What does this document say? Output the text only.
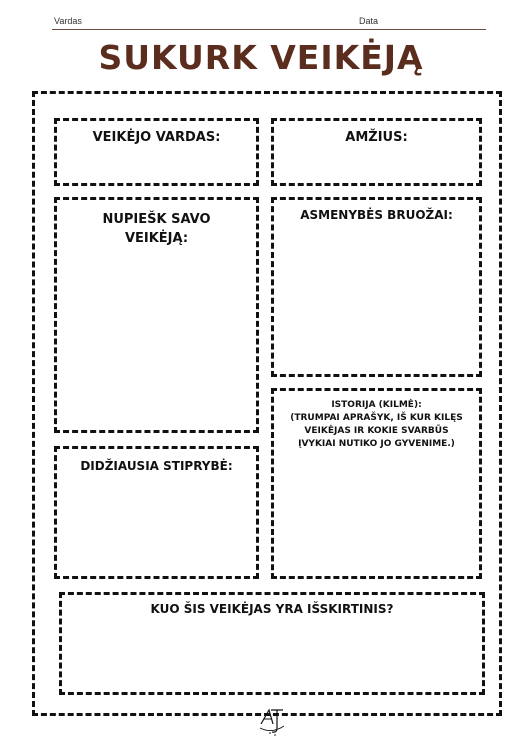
Vardas	Data
SUKURK VEIKĖJĄ
VEIKĖJO VARDAS:	AMŽIUS:
NUPIEŠK SAVO
VEIKĖJĄ:
ASMENYBĖS BRUOŽAI:
ISTORIJA (KILMĖ):
(TRUMPAI APRAŠYK, IŠ KUR KILĘS
VEIKĖJAS IR KOKIE SVARBŪS
ĮVYKIAI NUTIKO JO GYVENIME.)
DIDŽIAUSIA STIPRYBĖ:
KUO ŠIS VEIKĖJAS YRA IŠSKIRTINIS?
